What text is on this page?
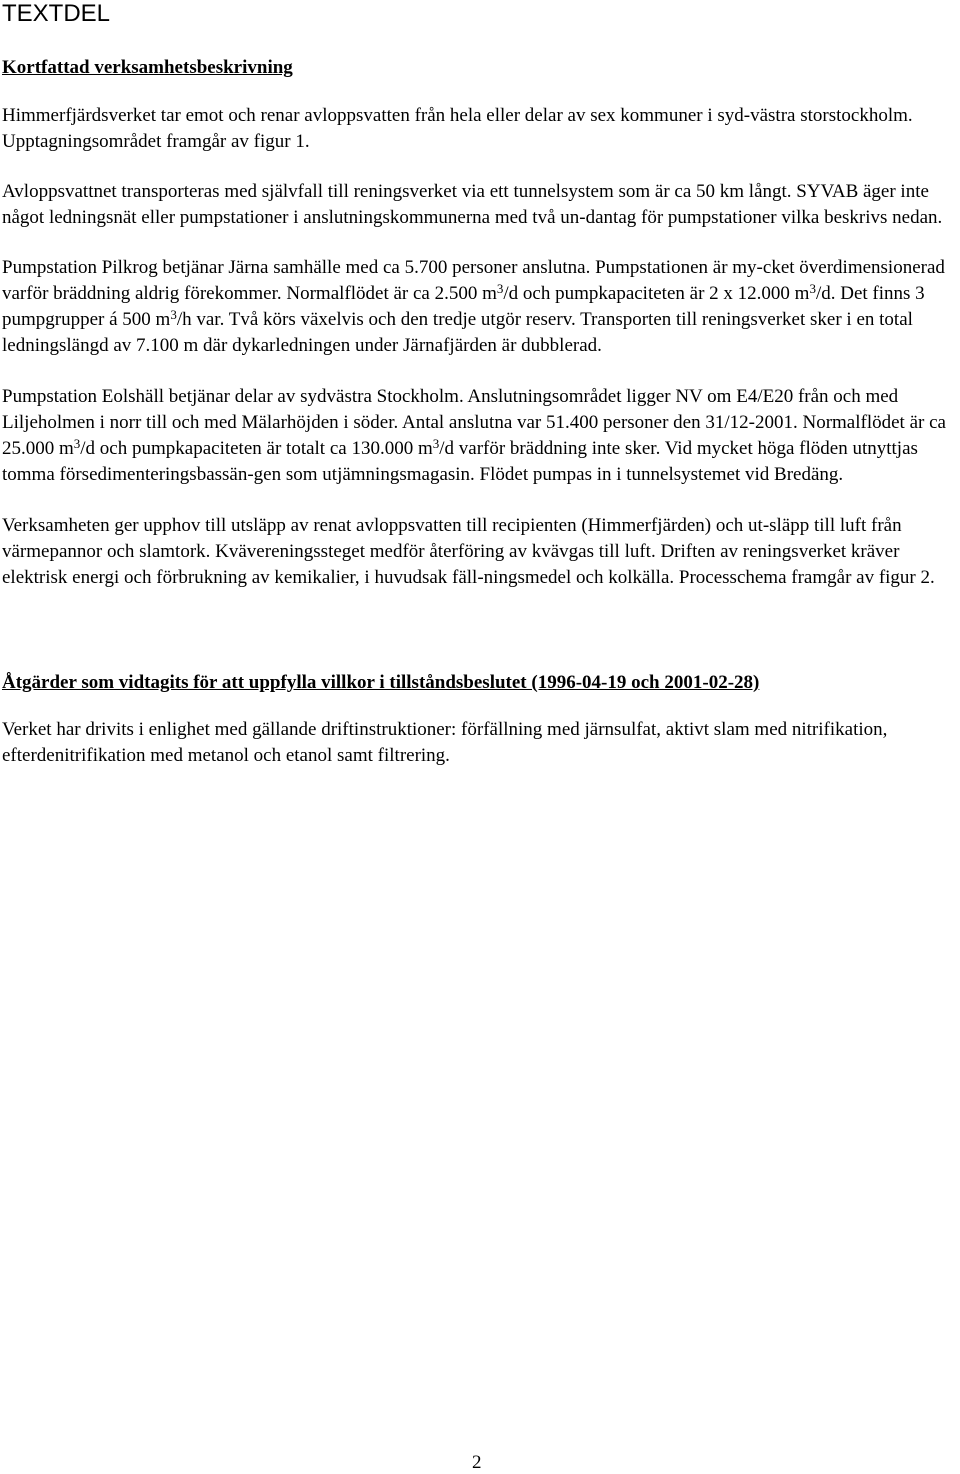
TEXTDEL
Kortfattad verksamhetsbeskrivning

Himmerfjärdsverket tar emot och renar avloppsvatten från hela eller delar av sex kommuner i syd-västra storstockholm. Upptagningsområdet framgår av figur 1.

Avloppsvattnet transporteras med självfall till reningsverket via ett tunnelsystem som är ca 50 km långt. SYVAB äger inte något ledningsnät eller pumpstationer i anslutningskommunerna med två un-dantag för pumpstationer vilka beskrivs nedan.

Pumpstation Pilkrog betjänar Järna samhälle med ca 5.700 personer anslutna. Pumpstationen är my-cket överdimensionerad varför bräddning aldrig förekommer. Normalflödet är ca 2.500 $m^3/d$ och pumpkapaciteten är 2 x 12.000 $m^3/d$. Det finns 3 pumpgrupper á 500 $m^3/h$ var. Två körs växelvis och den tredje utgör reserv. Transporten till reningsverket sker i en total ledningslängd av 7.100 m där dykarledningen under Järnafjärden är dubblerad.

Pumpstation Eolshäll betjänar delar av sydvästra Stockholm. Anslutningsområdet ligger NV om E4/E20 från och med Liljeholmen i norr till och med Mälarhöjden i söder. Antal anslutna var 51.400 personer den 31/12-2001. Normalflödet är ca 25.000 $m^3/d$ och pumpkapaciteten är totalt ca 130.000 $m^3/d$ varför bräddning inte sker. Vid mycket höga flöden utnyttjas tomma försedimenteringsbassän-gen som utjämningsmagasin. Flödet pumpas in i tunnelsystemet vid Bredäng.

Verksamheten ger upphov till utsläpp av renat avloppsvatten till recipienten (Himmerfjärden) och ut-släpp till luft från värmepannor och slamtork. Kvävereningssteget medför återföring av kvävgas till luft. Driften av reningsverket kräver elektrisk energi och förbrukning av kemikalier, i huvudsak fäll-ningsmedel och kolkälla. Processchema framgår av figur 2.

Åtgärder som vidtagits för att uppfylla villkor i tillståndsbeslutet (1996-04-19 och 2001-02-28)

Verket har drivits i enlighet med gällande driftinstruktioner: förfällning med järnsulfat, aktivt slam med nitrifikation, efterdenitrifikation med metanol och etanol samt filtrering.

2
